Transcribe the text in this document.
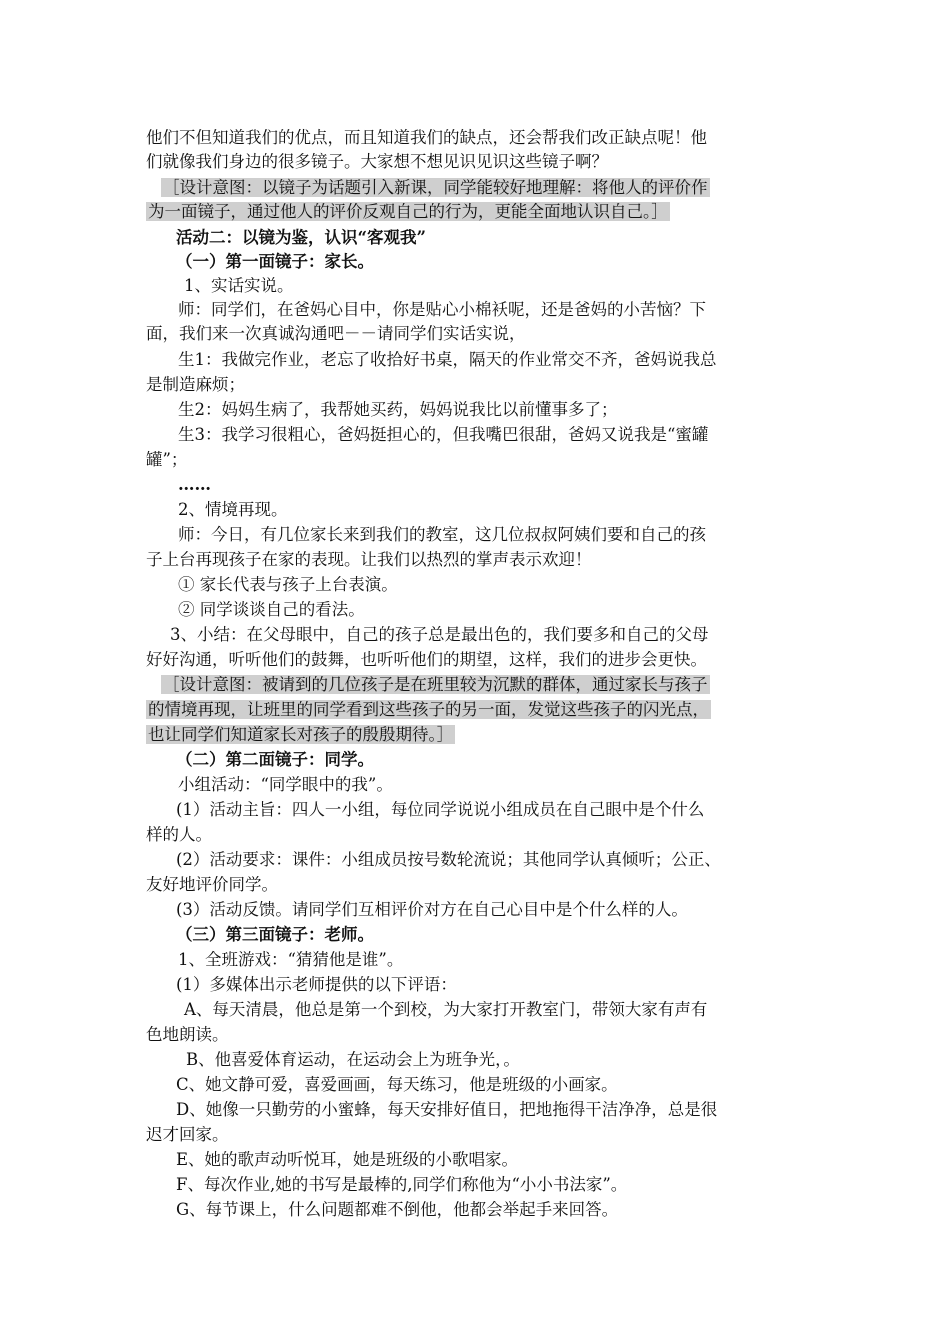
他们不但知道我们的优点，而且知道我们的缺点，还会帮我们改正缺点呢！他
们就像我们身边的很多镜子。大家想不想见识见识这些镜子啊？
［设计意图：以镜子为话题引入新课，同学能较好地理解：将他人的评价作
为一面镜子，通过他人的评价反观自己的行为，更能全面地认识自己。］
活动二：以镜为鉴，认识“客观我”
（一）第一面镜子：家长。
1、实话实说。
师：同学们，在爸妈心目中，你是贴心小棉袄呢，还是爸妈的小苦恼？下
面，我们来一次真诚沟通吧－－请同学们实话实说，
生1：我做完作业，老忘了收拾好书桌，隔天的作业常交不齐，爸妈说我总
是制造麻烦；
生2：妈妈生病了，我帮她买药，妈妈说我比以前懂事多了；
生3：我学习很粗心，爸妈挺担心的，但我嘴巴很甜，爸妈又说我是“蜜罐
罐”；
……
2、情境再现。
师：今日，有几位家长来到我们的教室，这几位叔叔阿姨们要和自己的孩
子上台再现孩子在家的表现。让我们以热烈的掌声表示欢迎！
① 家长代表与孩子上台表演。
② 同学谈谈自己的看法。
3、小结：在父母眼中，自己的孩子总是最出色的，我们要多和自己的父母
好好沟通，听听他们的鼓舞，也听听他们的期望，这样，我们的进步会更快。
［设计意图：被请到的几位孩子是在班里较为沉默的群体，通过家长与孩子
的情境再现，让班里的同学看到这些孩子的另一面，发觉这些孩子的闪光点，
也让同学们知道家长对孩子的殷殷期待。］
（二）第二面镜子：同学。
小组活动：“同学眼中的我”。
(1）活动主旨：四人一小组，每位同学说说小组成员在自己眼中是个什么
样的人。
(2）活动要求：课件：小组成员按号数轮流说；其他同学认真倾听；公正、
友好地评价同学。
(3）活动反馈。请同学们互相评价对方在自己心目中是个什么样的人。
（三）第三面镜子：老师。
1、全班游戏：“猜猜他是谁”。
(1）多媒体出示老师提供的以下评语：
A、每天清晨，他总是第一个到校，为大家打开教室门，带领大家有声有
色地朗读。
B、他喜爱体育运动，在运动会上为班争光，。
C、她文静可爱，喜爱画画，每天练习，他是班级的小画家。
D、她像一只勤劳的小蜜蜂，每天安排好值日，把地拖得干洁净净，总是很
迟才回家。
E、她的歌声动听悦耳，她是班级的小歌唱家。
F、每次作业,她的书写是最棒的,同学们称他为“小小书法家”。
G、每节课上，什么问题都难不倒他，他都会举起手来回答。
